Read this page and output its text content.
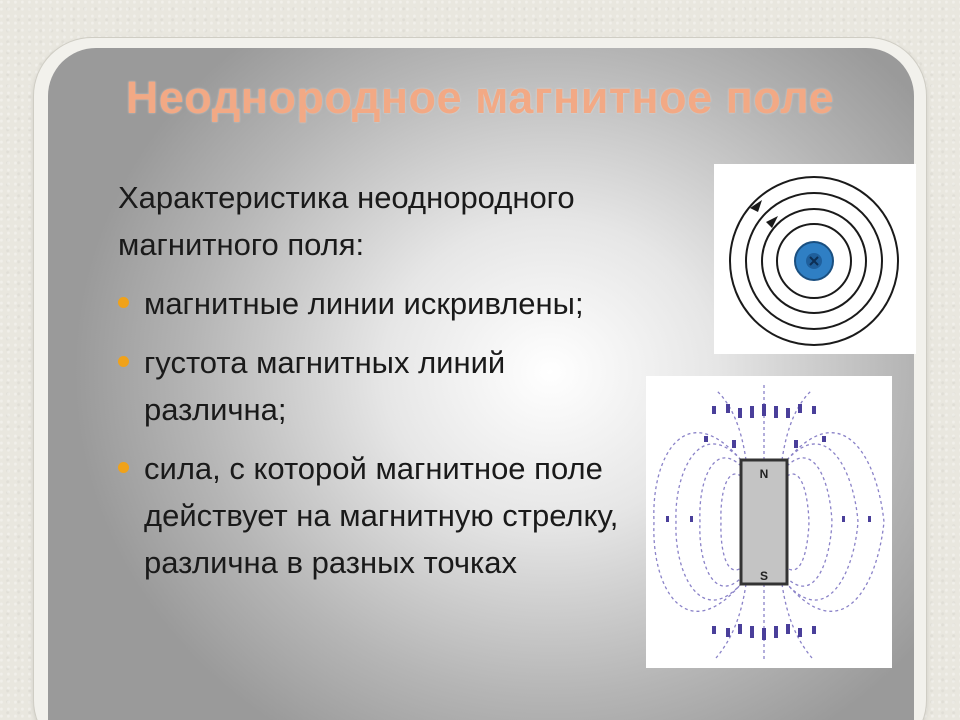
Неоднородное магнитное поле

Характеристика неоднородного магнитного поля:

магнитные линии искривлены;
густота магнитных линий различна;
сила, с которой магнитное поле действует на магнитную стрелку, различна в разных точках
N
S
